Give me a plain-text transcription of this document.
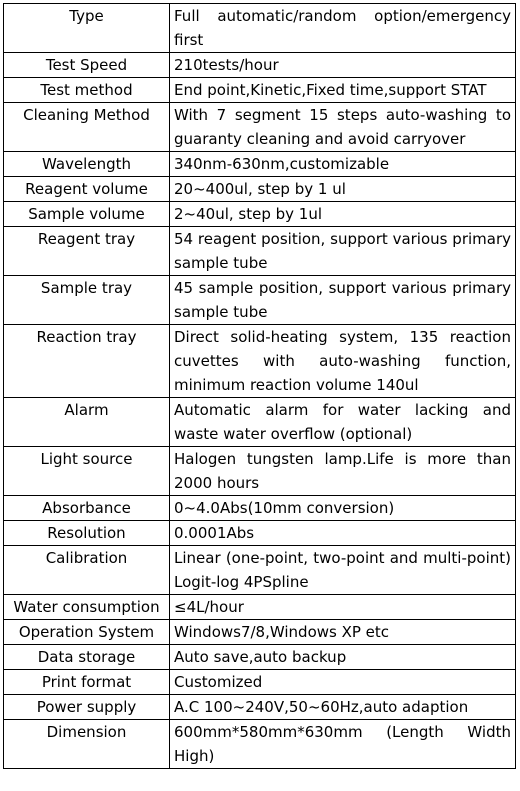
Type	Full automatic/random option/emergency first
Test Speed	210tests/hour
Test method	End point,Kinetic,Fixed time,support STAT
Cleaning Method	With 7 segment 15 steps auto-washing to guaranty cleaning and avoid carryover
Wavelength	340nm-630nm,customizable
Reagent volume	20~400ul, step by 1 ul
Sample volume	2~40ul, step by 1ul
Reagent tray	54 reagent position, support various primary sample tube
Sample tray	45 sample position, support various primary sample tube
Reaction tray	Direct solid-heating system, 135 reaction cuvettes with auto-washing function, minimum reaction volume 140ul
Alarm	Automatic alarm for water lacking and waste water overflow (optional)
Light source	Halogen tungsten lamp.Life is more than 2000 hours
Absorbance	0~4.0Abs(10mm conversion)
Resolution	0.0001Abs
Calibration	Linear (one-point, two-point and multi-point) Logit-log 4PSpline
Water consumption	≤4L/hour
Operation System	Windows7/8,Windows XP etc
Data storage	Auto save,auto backup
Print format	Customized
Power supply	A.C 100~240V,50~60Hz,auto adaption
Dimension	600mm*580mm*630mm (Length Width High)
